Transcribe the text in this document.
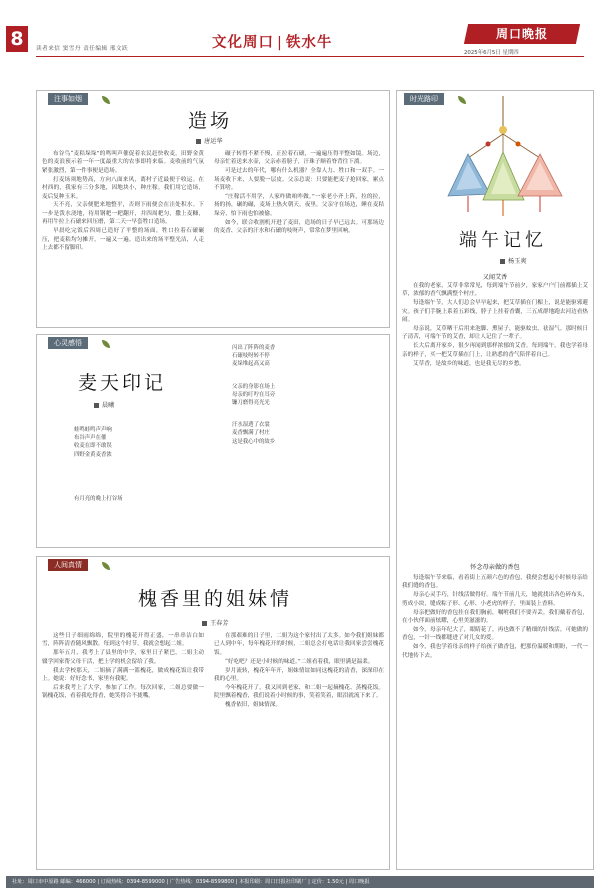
8	读者来信 窦雪丹 责任编辑 邢文跃	文化周口 | 铁水牛
周口晚报
2025年6月5日 星期四
注事如烟
造场
唐运华

布谷鸟“麦秸垛垛”的鸣叫声催促着农民赶快收麦，田野金黄色的麦浪预示着一年一度最重大的农事即将来临。麦收前的气氛紧张激烈，第一件事便是造场。

打麦场须地势高，方向八面来风，离村子近最便于收运。在村西的，我家有三分多地，因地块小，种庄稼。我们用它造场，麦后复种玉米。

天不亮，父亲便肥来地整平，否则下雨便会在洼处积水。下一步是泼水浇地，待用钢耙一耙翻开，并四周耙匀，撒上麦糠，再用牛拉上石磙来回压磨，第二天一早套牲口造场。

早晨吃完饭后四周已造好了平整的场面，牲口拉着石磙碾压，把麦秸均匀摊开，一遍又一遍。造出来的场平整光洁，人走上去都不留脚印。

碾子转得不紧不慢，正拉着石磙，一遍遍压得平整如镜。场边，母亲忙着送来水壶，父亲赤着膀子，汗珠子顺着脊背往下淌。

可是过去的年代，哪有什么机器？全靠人力、牲口和一双手。一场麦收下来，人要脱一层皮。父亲总说：只要能把麦子抢回家，累点不算啥。

“庄稼活不用学，人家咋做咱咋做。”一家老小齐上阵，拉的拉，扬的扬，碾的碾，麦场上热火朝天。夜里，父亲守在场边，睡在麦秸垛旁，怕下雨也怕被偷。

如今，联合收割机开进了麦田，造场的日子早已远去。可那场边的麦香、父亲的汗水和石磙的吱呀声，常常在梦里回响。

心灵感悟
麦天印记
晨曦
蛙鸣蛙鸣声声响
布谷声声在催
收麦在即不敢误
四野金黄麦香浓
有月亮的晚上打谷场
闪出了阵阵的麦香
石磙吱呀转不停
麦垛堆起高又高
父亲的身影在场上
母亲的叮咛在耳旁
镰刀磨得亮光光
汗水湿透了衣裳
麦香飘满了村庄
这是我心中的故乡
人间真情
槐香里的姐妹情
王春芳

这些日子细雨绵绵，院里的槐花开得正盛，一串串洁白如雪，阵阵清香随风飘散。每到这个时节，我就会想起二姐。

那年五月，我考上了县里的中学，家里日子紧巴，二姐主动辍学回家帮父母干活，把上学的机会留给了我。

我去学校那天，二姐摘了满满一篮槐花，做成槐花饭让我带上。她说：好好念书，家里有我呢。

后来我考上了大学，参加了工作。每次回家，二姐总要做一锅槐花饭，看着我吃得香，她笑得合不拢嘴。

在那艰难的日子里，二姐为这个家付出了太多。如今我们姐妹都已人到中年，每年槐花开的时候，二姐总会打电话让我回家尝尝槐花饭。

“好吃吧？还是小时候的味道。”二姐看着我，眼里满是温柔。

岁月流转，槐花年年开，姐妹情谊如同这槐花的清香，深深印在我的心里。

今年槐花开了，我又回到老家，和二姐一起摘槐花、蒸槐花饭。院里飘着槐香，我们说着小时候的事，笑着笑着，眼泪就流下来了。

槐香依旧，姐妹情深。

时光路印
端午记忆
杨玉爽
又闻艾香

在我的老家，艾草非常常见，每到端午节前夕，家家户户门前都插上艾草，浓郁的香气飘满整个村庄。

每逢端午节，大人们总会早早起来，把艾草插在门楣上，说是能驱邪避灾。孩子们手腕上系着五彩线，脖子上挂着香囊，三五成群地跑去河边看热闹。

母亲说，艾草晒干后用来泡脚、熏屋子，能驱蚊虫、祛湿气。那时候日子清苦，可端午节的艾香，却让人记住了一辈子。

长大后离开家乡，很少再闻到那样浓郁的艾香。每到端午，我也学着母亲的样子，买一把艾草插在门上，让熟悉的香气陪伴着自己。

艾草香，是故乡的味道，也是我无尽的乡愁。

怀念母亲做的香包

每逢端午节来临，看着街上五颜六色的香包，我便会想起小时候母亲给我们缝的香包。

母亲心灵手巧，针线活做得好。端午节前几天，她就找出各色碎布头，剪成小块，缝成粽子形、心形、小老虎的样子，里面装上香料。

母亲把做好的香包挂在我们胸前，嘱咐我们不要弄丢。我们戴着香包，在小伙伴面前炫耀，心里美滋滋的。

如今，母亲年纪大了，眼睛花了，再也做不了精细的针线活。可她做的香包，一针一线都缝进了对儿女的爱。

如今，我也学着母亲的样子给孩子做香包，把那份温暖和期盼，一代一代地传下去。

社址：周口市中原路 邮编：466000 | 订阅热线：0394-8599000 | 广告热线：0394-8599800 | 本报印刷：周口日报社印刷厂 | 定价：1.50元 | 周口晚报
